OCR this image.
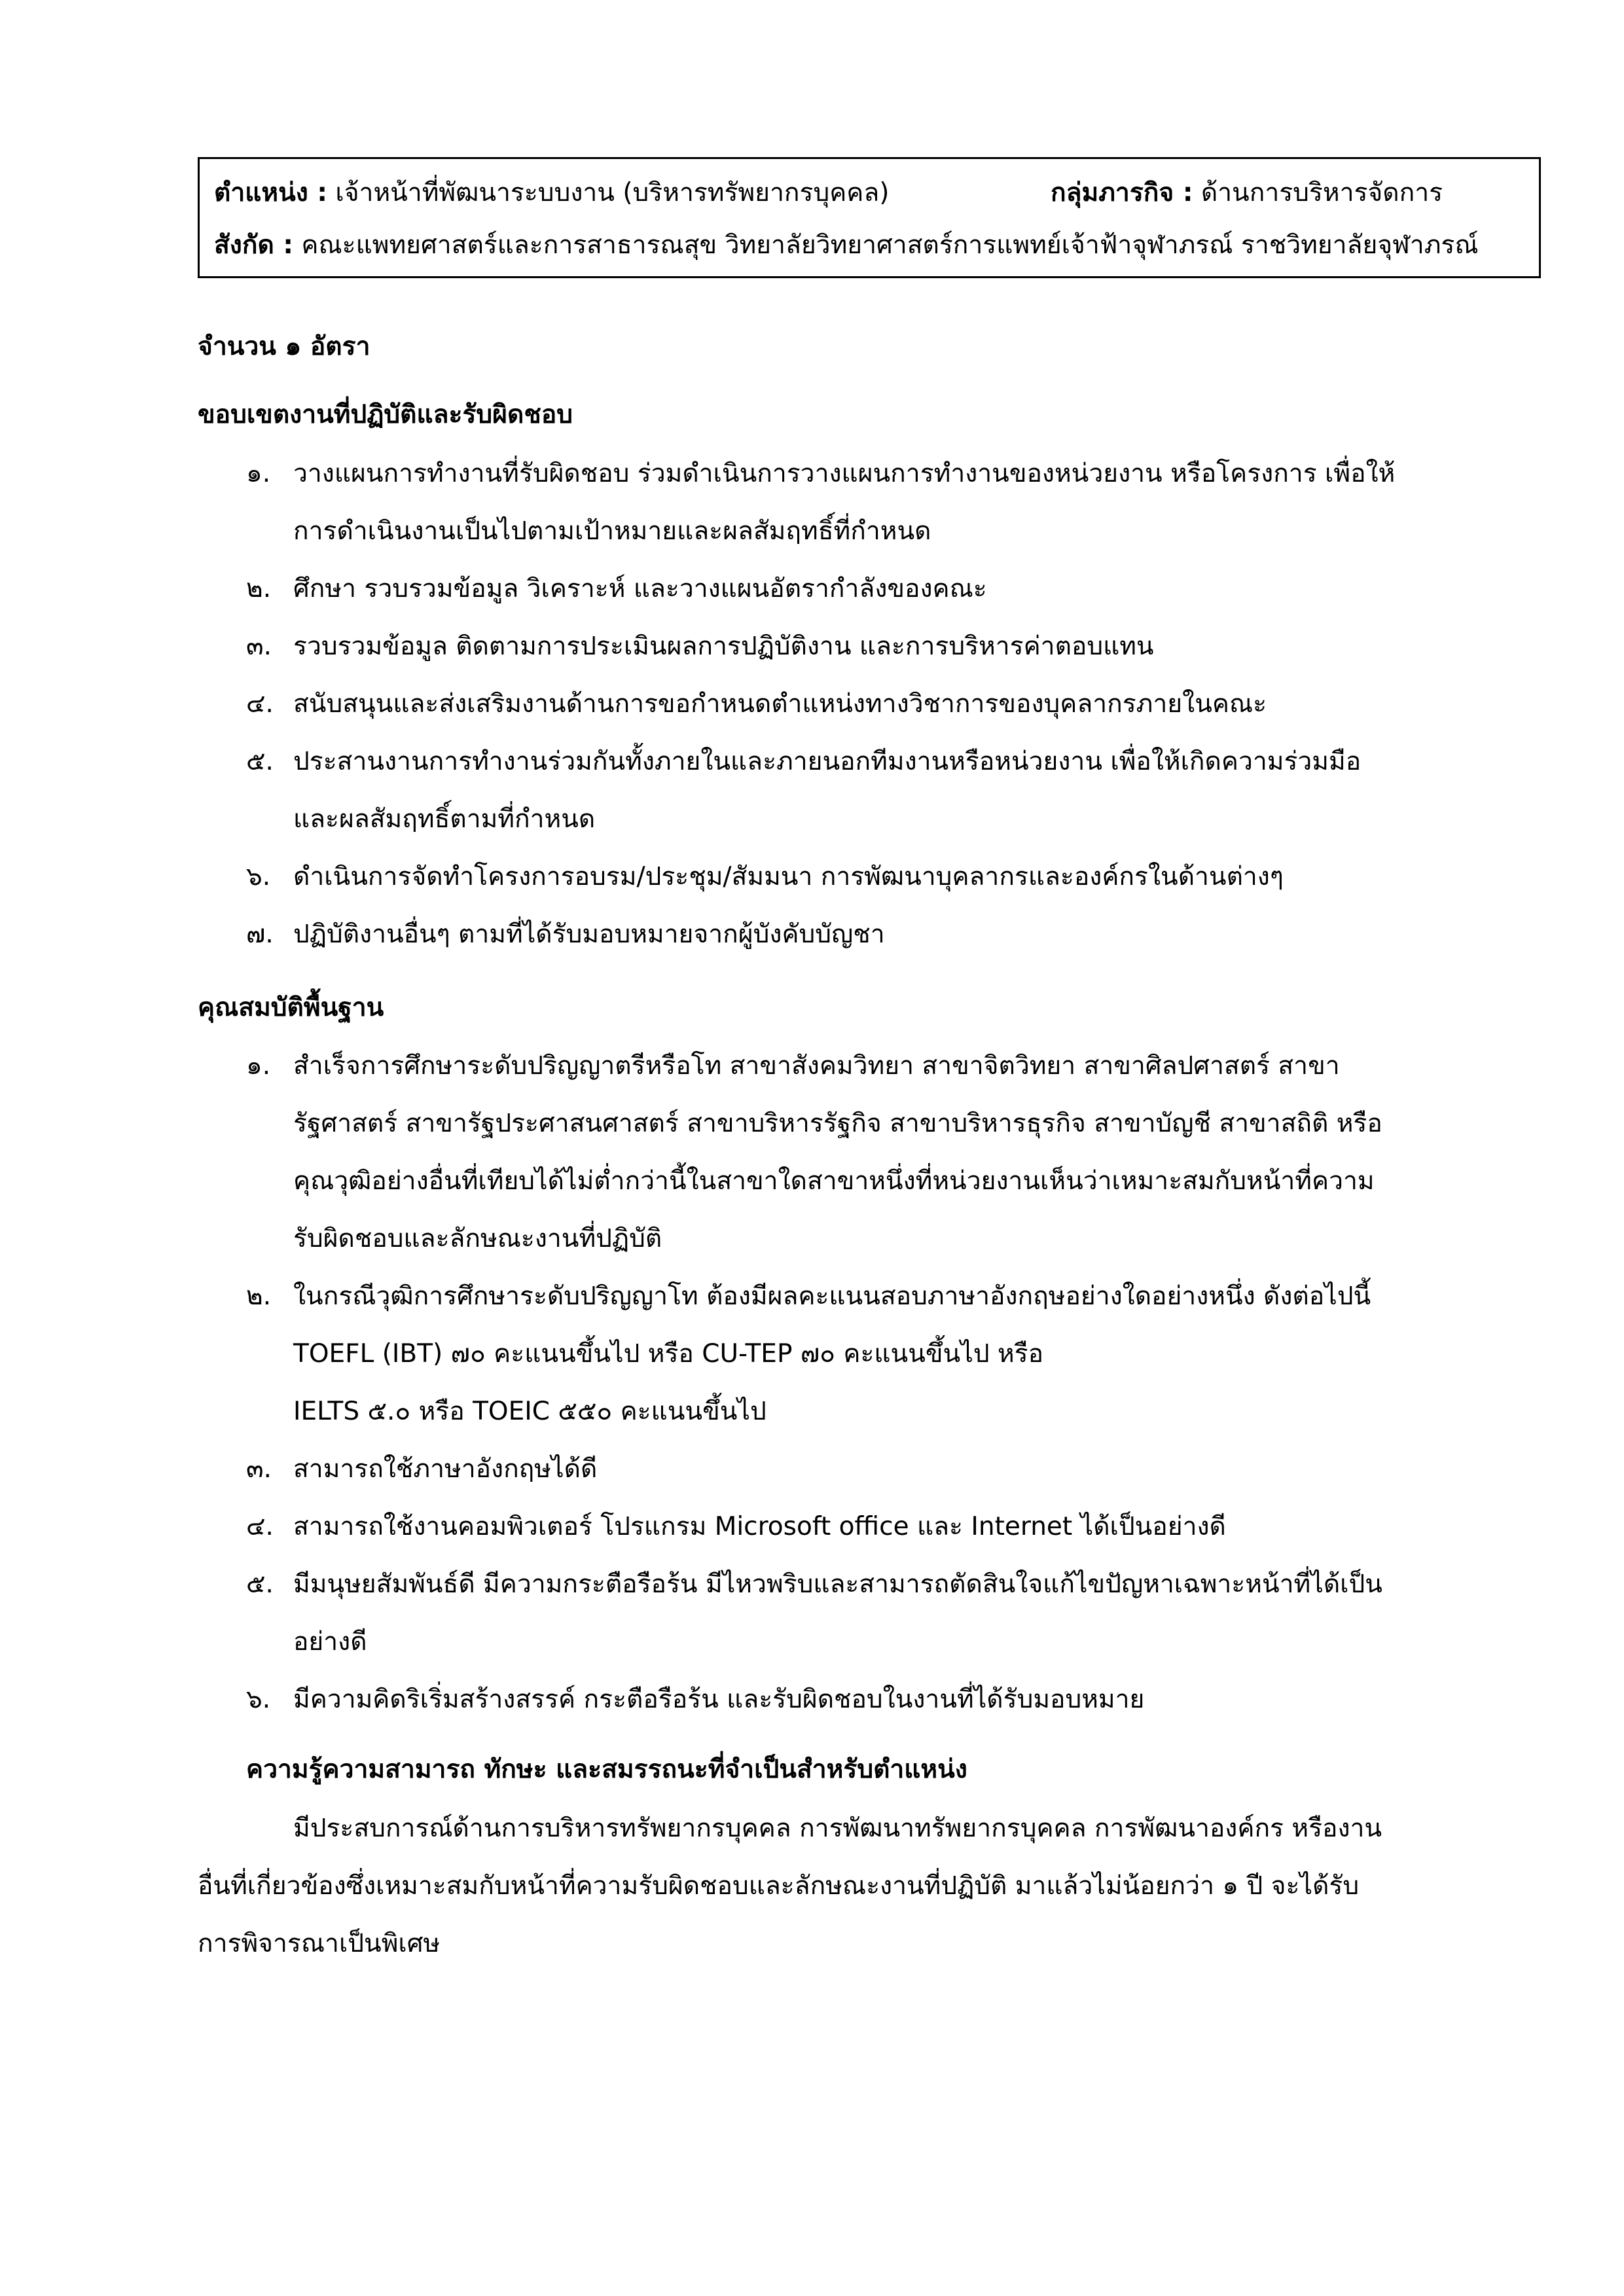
ตำแหน่ง : เจ้าหน้าที่พัฒนาระบบงาน (บริหารทรัพยากรบุคคล)	กลุ่มภารกิจ : ด้านการบริหารจัดการ
สังกัด : คณะแพทยศาสตร์และการสาธารณสุข วิทยาลัยวิทยาศาสตร์การแพทย์เจ้าฟ้าจุฬาภรณ์ ราชวิทยาลัยจุฬาภรณ์
จำนวน ๑ อัตรา
ขอบเขตงานที่ปฏิบัติและรับผิดชอบ
๑. วางแผนการทำงานที่รับผิดชอบ ร่วมดำเนินการวางแผนการทำงานของหน่วยงาน หรือโครงการ เพื่อให้
การดำเนินงานเป็นไปตามเป้าหมายและผลสัมฤทธิ์ที่กำหนด
๒. ศึกษา รวบรวมข้อมูล วิเคราะห์ และวางแผนอัตรากำลังของคณะ
๓. รวบรวมข้อมูล ติดตามการประเมินผลการปฏิบัติงาน และการบริหารค่าตอบแทน
๔. สนับสนุนและส่งเสริมงานด้านการขอกำหนดตำแหน่งทางวิชาการของบุคลากรภายในคณะ
๕. ประสานงานการทำงานร่วมกันทั้งภายในและภายนอกทีมงานหรือหน่วยงาน เพื่อให้เกิดความร่วมมือ
และผลสัมฤทธิ์ตามที่กำหนด
๖. ดำเนินการจัดทำโครงการอบรม/ประชุม/สัมมนา การพัฒนาบุคลากรและองค์กรในด้านต่างๆ
๗. ปฏิบัติงานอื่นๆ ตามที่ได้รับมอบหมายจากผู้บังคับบัญชา
คุณสมบัติพื้นฐาน
๑. สำเร็จการศึกษาระดับปริญญาตรีหรือโท สาขาสังคมวิทยา สาขาจิตวิทยา สาขาศิลปศาสตร์ สาขา
รัฐศาสตร์ สาขารัฐประศาสนศาสตร์ สาขาบริหารรัฐกิจ สาขาบริหารธุรกิจ สาขาบัญชี สาขาสถิติ หรือ
คุณวุฒิอย่างอื่นที่เทียบได้ไม่ต่ำกว่านี้ในสาขาใดสาขาหนึ่งที่หน่วยงานเห็นว่าเหมาะสมกับหน้าที่ความ
รับผิดชอบและลักษณะงานที่ปฏิบัติ
๒. ในกรณีวุฒิการศึกษาระดับปริญญาโท ต้องมีผลคะแนนสอบภาษาอังกฤษอย่างใดอย่างหนึ่ง ดังต่อไปนี้
TOEFL (IBT) ๗๐ คะแนนขึ้นไป หรือ CU-TEP ๗๐ คะแนนขึ้นไป หรือ
IELTS ๕.๐ หรือ TOEIC ๕๕๐ คะแนนขึ้นไป
๓. สามารถใช้ภาษาอังกฤษได้ดี
๔. สามารถใช้งานคอมพิวเตอร์ โปรแกรม Microsoft office และ Internet ได้เป็นอย่างดี
๕. มีมนุษยสัมพันธ์ดี มีความกระตือรือร้น มีไหวพริบและสามารถตัดสินใจแก้ไขปัญหาเฉพาะหน้าที่ได้เป็น
อย่างดี
๖. มีความคิดริเริ่มสร้างสรรค์ กระตือรือร้น และรับผิดชอบในงานที่ได้รับมอบหมาย
ความรู้ความสามารถ ทักษะ และสมรรถนะที่จำเป็นสำหรับตำแหน่ง
มีประสบการณ์ด้านการบริหารทรัพยากรบุคคล การพัฒนาทรัพยากรบุคคล การพัฒนาองค์กร หรืองาน
อื่นที่เกี่ยวข้องซึ่งเหมาะสมกับหน้าที่ความรับผิดชอบและลักษณะงานที่ปฏิบัติ มาแล้วไม่น้อยกว่า ๑ ปี จะได้รับ
การพิจารณาเป็นพิเศษ
